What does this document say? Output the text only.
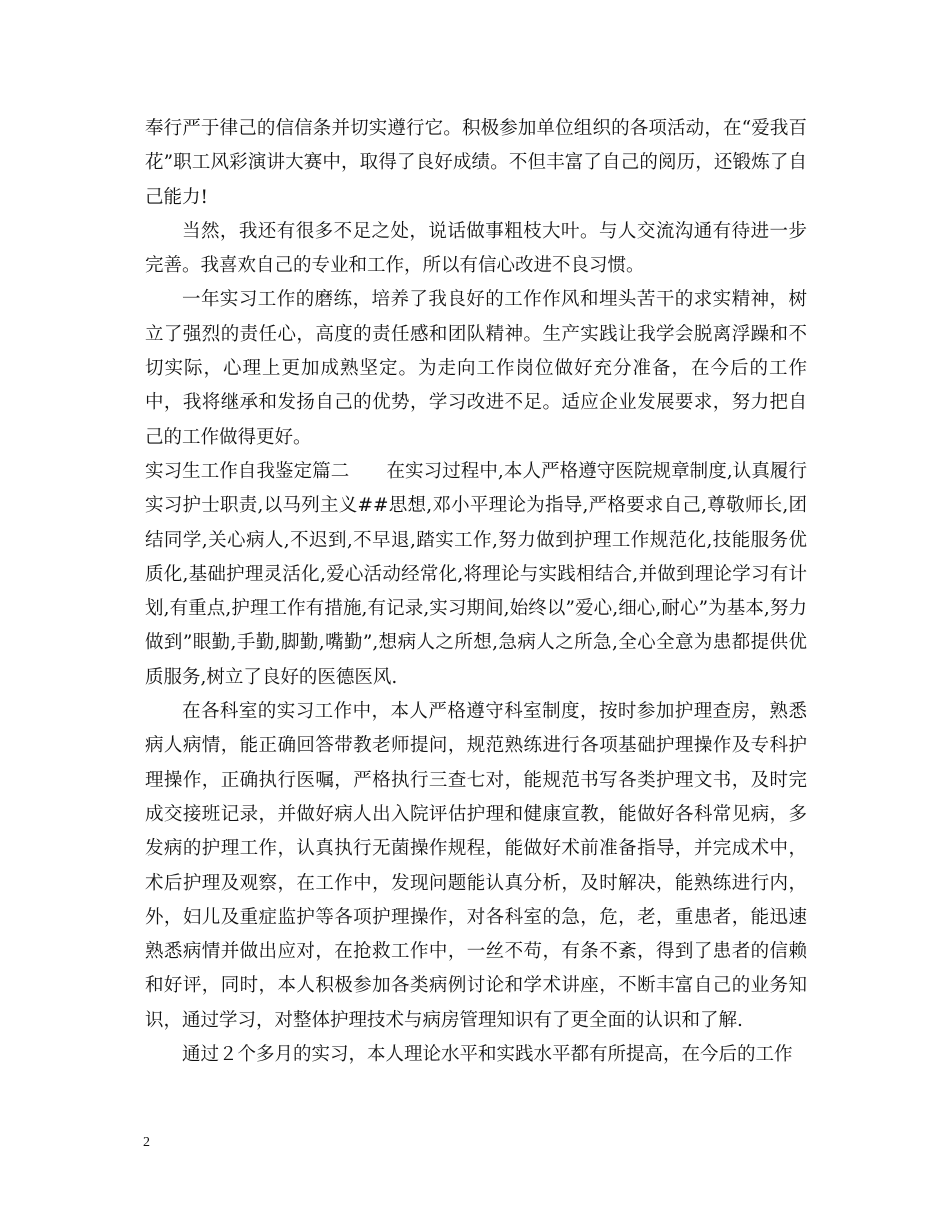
奉行严于律己的信信条并切实遵行它。积极参加单位组织的各项活动，在“爱我百花”职工风彩演讲大赛中，取得了良好成绩。不但丰富了自己的阅历，还锻炼了自己能力!

当然，我还有很多不足之处，说话做事粗枝大叶。与人交流沟通有待进一步完善。我喜欢自己的专业和工作，所以有信心改进不良习惯。

一年实习工作的磨练，培养了我良好的工作作风和埋头苦干的求实精神，树立了强烈的责任心，高度的责任感和团队精神。生产实践让我学会脱离浮躁和不切实际，心理上更加成熟坚定。为走向工作岗位做好充分准备，在今后的工作中，我将继承和发扬自己的优势，学习改进不足。适应企业发展要求，努力把自己的工作做得更好。

实习生工作自我鉴定篇二　　 在实习过程中,本人严格遵守医院规章制度,认真履行实习护士职责,以马列主义##思想,邓小平理论为指导,严格要求自己,尊敬师长,团结同学,关心病人,不迟到,不早退,踏实工作,努力做到护理工作规范化,技能服务优质化,基础护理灵活化,爱心活动经常化,将理论与实践相结合,并做到理论学习有计划,有重点,护理工作有措施,有记录,实习期间,始终以”爱心,细心,耐心”为基本,努力做到”眼勤,手勤,脚勤,嘴勤”,想病人之所想,急病人之所急,全心全意为患都提供优质服务,树立了良好的医德医风.

在各科室的实习工作中，本人严格遵守科室制度，按时参加护理查房，熟悉病人病情，能正确回答带教老师提问，规范熟练进行各项基础护理操作及专科护理操作，正确执行医嘱，严格执行三查七对，能规范书写各类护理文书，及时完成交接班记录，并做好病人出入院评估护理和健康宣教，能做好各科常见病，多发病的护理工作，认真执行无菌操作规程，能做好术前准备指导，并完成术中，术后护理及观察，在工作中，发现问题能认真分析，及时解决，能熟练进行内，外，妇儿及重症监护等各项护理操作，对各科室的急，危，老，重患者，能迅速熟悉病情并做出应对，在抢救工作中，一丝不苟，有条不紊，得到了患者的信赖和好评，同时，本人积极参加各类病例讨论和学术讲座，不断丰富自己的业务知识，通过学习，对整体护理技术与病房管理知识有了更全面的认识和了解.

通过２个多月的实习，本人理论水平和实践水平都有所提高，在今后的工作

2
